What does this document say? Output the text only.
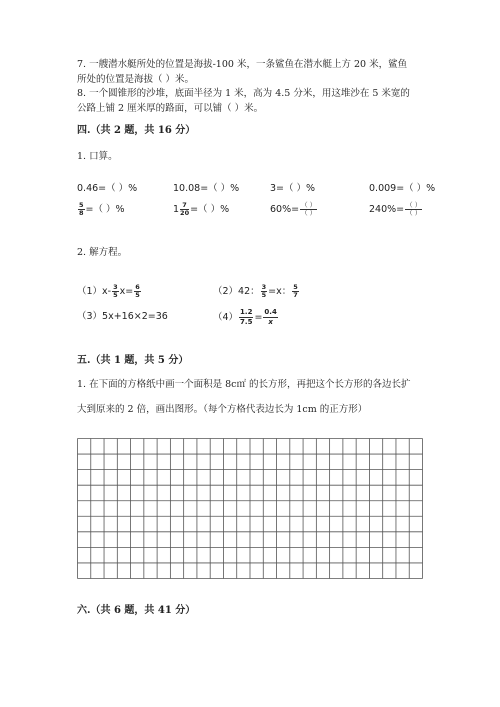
7. 一艘潜水艇所处的位置是海拔-100 米，一条鲨鱼在潜水艇上方 20 米，鲨鱼
所处的位置是海拔（ ）米。
8. 一个圆锥形的沙堆，底面半径为 1 米，高为 4.5 分米，用这堆沙在 5 米宽的
公路上铺 2 厘米厚的路面，可以铺（ ）米。
四.（共 2 题，共 16 分）
1. 口算。
0.46=（ ）%	10.08=（ ）%	3=（ ）%	0.009=（ ）%
$\frac{5}{8}$ =（ ）%	$1 \frac{7}{20}$ =（ ）%	$60\%= \frac{( )}{( )}$	$240\%= \frac{( )}{( )}$
2. 解方程。
$(1)x- \frac{3}{5} x= \frac{6}{5}$	（2）42： $\frac{3}{5} =x$： $\frac{5}{7}$
（3）5x+16×2=36	$(4) \frac{1.2}{7.5} = \frac{0.4}{x}$
五.（共 1 题，共 5 分）
1. 在下面的方格纸中画一个面积是 8c㎡ 的长方形，再把这个长方形的各边长扩
大到原来的 2 倍，画出图形。（每个方格代表边长为 1cm 的正方形）
六.（共 6 题，共 41 分）
